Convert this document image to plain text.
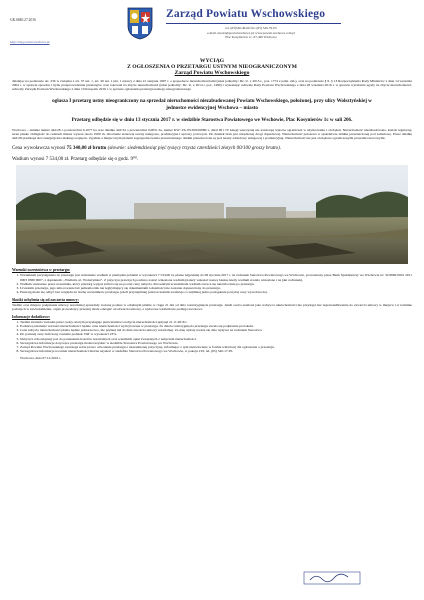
GK.6840.27.2016
http://bip.powiat.wschowa.pl
Zarząd Powiatu Wschowskiego
tel. (65)540-49-00 fax: (65) 540-79-03
e-mail: zarzad@powiatwschowa.pl; www.powiat.wschowa.com.pl
Plac Kosynierów 1c, 67-400 Wschowa
WYCIĄG
Z OGŁOSZENIA O PRZETARGU USTNYM NIEOGRANICZONYM
Zarząd Powiatu Wschowskiego
działając na podstawie art. 23b w związku z art. 37 ust. 1, art. 40 ust. 1 pkt. 1 ustawy z dnia 21 sierpnia 1997 r. o gospodarce nieruchomościami (tekst jednolity: Dz. U. z 2015 r., poz. 1774 z późn. zm.), oraz na podstawie § 6, § 13 Rozporządzenia Rady Ministrów z dnia 14 września 2004 r. w sprawie sposobu i trybu przeprowadzania przetargów oraz rokowań na zbycie nieruchomości (tekst jednolity: Dz. U. z 2014 r. poz. 1490) i wykonując uchwałę Rady Powiatu Wschowskiego z dnia 28 września 2016 r. w sprawie wyrażenia zgody na zbycie nieruchomości, uchwały Zarządu Powiatu Wschowskiego z dnia 10 listopada 2016 r. w sprawie ogłoszenia przetargu ustnego nieograniczonego
ogłasza I przetarg ustny nieograniczony na sprzedaż nieruchomości niezabudowanej Powiatu Wschowskiego, położonej, przy ulicy Wolsztyńskiej w jednostce ewidencyjnej Wschowa – miasto
Przetarg odbędzie się w dniu 13 stycznia 2017 r. w siedzibie Starostwa Powiatowego we Wschowie, Plac Kosynierów 1c w sali 206.
Wschowa – działka numer 442/28 o powierzchni 0,1077 ha oraz działka 442/34 o powierzchni 0,0051 ha, numer KW: ZG1W/00016080/1, dział III i IV księgi wieczystej nie zawierają wpisów ograniczeń w użytkowaniu i obciążeń. Nieruchomość niezabudowana, kształt regularny, teren płaski. Odległość do centrum miasta wynosi około 1000 m. Otoczenie stanowią tereny usługowe, produkcyjne i uprawy polowych. Do działek brak jest urządzonej drogi dojazdowej. Nieruchomość położona w sąsiedztwie działki przeznaczonej pod zabudowę. Przez działkę 442/28 przebiega sieć energetyczna niskiego napięcia. Zgodnie z miejscowym planem zagospodarowania przestrzennego działki przeznaczone są pod tereny zabudowy usługowej i produkcyjnej. Nieruchomość nie jest obciążona ograniczonymi prawami rzeczowymi.
Cena wywoławcza wynosi 75 340,00 zł brutto (słownie: siedemdziesiąt pięć tysięcy trzysta czterdzieści złotych 00/100 groszy brutto).
Wadium wynosi 7 534,00 zł. Przetarg odbędzie się o godz. 9⁰⁰.
Warunki uczestnictwa w przetargu:
1. Warunkiem przystąpienia do przetargu jest wniesienie wadium w pieniądzu polskim w wysokości 7 534,00 zł, płatne najpóźniej do 09 stycznia 2017 r. na rachunek Starostwa Powiatowego we Wschowie, prowadzony przez Bank Spółdzielczy we Wschowie nr: 34 8669 0001 2011 0003 0380 0007, z dopiskiem: „Wadium, ul. Wolsztyńska”. Z przyczyn prawnych powinno zostać wniesione wadium (należy wskazać nazwę banku, kiedy wadium zostało wniesione i na jaki rachunek).
2. Wadium wniesione przez uczestnika, który przetarg wygrał zalicza się na poczet ceny nabycia. Pozostałym uczestnikom wadium zwraca się niezwłocznie po przetargu.
3. Uczestnik przetargu, jego umocowanie lub pełnomocnik nie legitymujący się dokumentami tożsamości nie zostanie dopuszczony do przetargu.
4. Przetarg może się odbyć bez względu na liczbę uczestników przetargu, jeżeli przynajmniej jeden uczestnik zaoferuje co najmniej jedno postąpienie powyżej ceny wywoławczej.
Skutki uchylenia się od zawarcia umowy:
Termin oraz miejsce podpisania umowy notarialnej sprzedaży zostaną podane w odrębnym piśmie w ciągu 21 dni od dnia rozstrzygnięcia przetargu. Jeżeli osoba ustalona jako nabywca nieruchomości nie przystąpi bez usprawiedliwienia do zawarcia umowy w miejscu i w terminie podanych w zawiadomieniu, organ prowadzący przetarg może odstąpić od zawarcia umowy, a wpłacone wadium nie podlega zwrotowi.
Informacje dodatkowe:
1. Termin złożenia wniosku przez osoby, którym przysługuje pierwszeństwo nabycia nieruchomości upłynął 21.11.2016 r.
2. Podstawą ustalenia wartości nieruchomości będzie cena nieruchomości wylicytowana w przetargu. Za dzień rozstrzygnięcia przetargu uważa się podpisanie protokołu.
3. Cena nabycia nieruchomości płatna będzie jednorazowo, nie później niż do dnia zawarcia umowy notarialnej. Za datę wpłaty uważa się datę wpływu na rachunek Starostwa.
4. Do podanej ceny doliczony zostanie podatek VAT w wysokości 23%.
5. Nabywca zobowiązany jest do poniesienia kosztów notarialnych oraz wszelkich opłat związanych z nabyciem nieruchomości.
6. Szczegółowe informacje dotyczące przetargu można uzyskać w siedzibie Starostwa Powiatowego we Wschowie.
7. Zarząd Powiatu Wschowskiego zastrzega sobie prawo odwołania przetargu z uzasadnionej przyczyny, informując o tym niezwłocznie w formie właściwej dla ogłoszenia o przetargu.
8. Szczegółowe informacje na temat nieruchomości można uzyskać w siedzibie Starostwa Powiatowego we Wschowie, w pokoju 219, tel. (65) 540-17-95.
Wschowa, dnia 07.12.2016 r.
